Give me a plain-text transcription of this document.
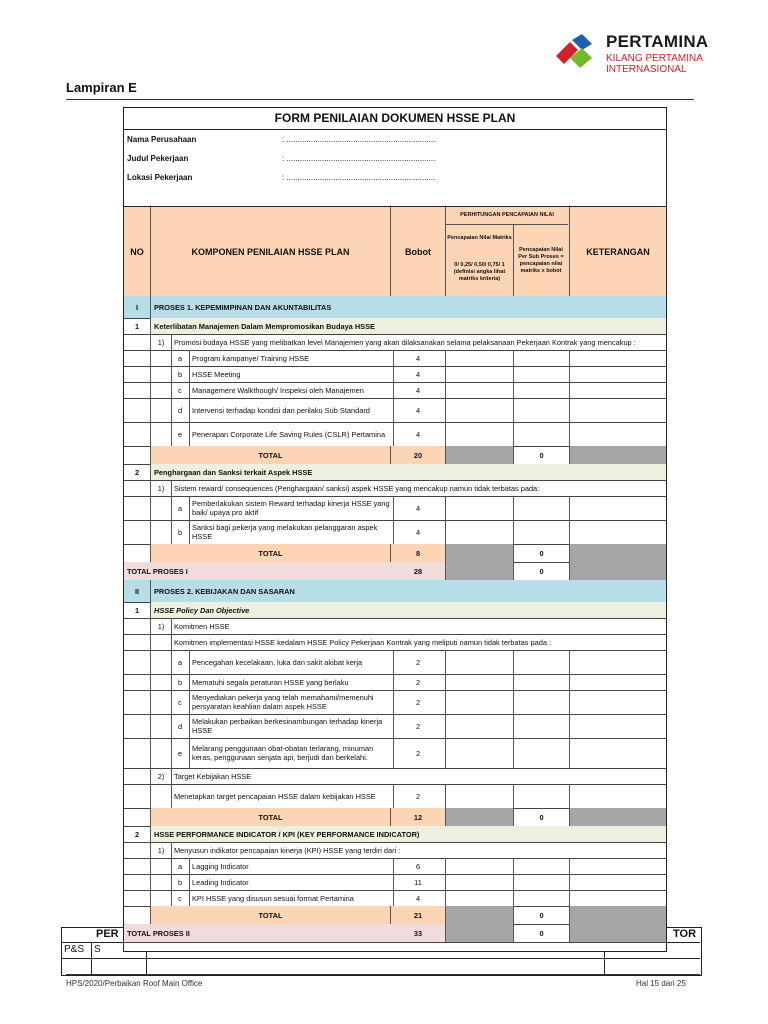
PERTAMINA
KILANG PERTAMINA
INTERNASIONAL
Lampiran E
PER	TOR
P&S S
FORM PENILAIAN DOKUMEN HSSE PLAN
Nama Perusahaan	: ...................................................................
Judul Pekerjaan	: ...................................................................
Lokasi Pekerjaan	: ...................................................................
NO	KOMPONEN PENILAIAN HSSE PLAN	Bobot
PERHITUNGAN PENCAPAIAN NILAI
Pencapaian Nilai Matriks
0/ 0,25/ 0,50/ 0,75/ 1 (definisi angka lihat matriks kriteria)
Pencapaian Nilai Per Sub Proses = pencapaian nilai matriks x bobot
KETERANGAN
I	PROSES 1. KEPEMIMPINAN DAN AKUNTABILITAS
1	Keterlibatan Manajemen Dalam Mempromosikan Budaya HSSE
1)	Promosi budaya HSSE yang melibatkan level Manajemen yang akan dilaksanakan selama pelaksanaan Pekerjaan Kontrak yang mencakup :
a	Program kampanye/ Training HSSE	4
b	HSSE Meeting	4
c	Management Walkthough/ Inspeksi oleh Manajemen	4
d	Intervensi terhadap kondisi dan perilaku Sub Standard	4
e	Penerapan Corporate Life Saving Rules (CSLR) Pertamina	4
TOTAL	20	0
2	Penghargaan dan Sanksi terkait Aspek HSSE
1)	Sistem reward/ consequences (Penghargaan/ sanksi) aspek HSSE yang mencakup namun tidak terbatas pada:
a	Pemberlakukan sistem Reward terhadap kinerja HSSE yang baik/ upaya pro aktif	4
b	Sanksi bagi pekerja yang melakukan pelanggaran aspek HSSE	4
TOTAL	8	0
TOTAL PROSES I	28	0
II	PROSES 2. KEBIJAKAN DAN SASARAN
1	HSSE Policy Dan Objective
1)	Komitmen HSSE
Komitmen implementasi HSSE kedalam HSSE Policy Pekerjaan Kontrak yang meliputi namun tidak terbatas pada :
a	Pencegahan kecelakaan, luka dan sakit akibat kerja	2
b	Mematuhi segala peraturan HSSE yang berlaku	2
c	Menyediakan pekerja yang telah memahami/memenuhi persyaratan keahlian dalam aspek HSSE	2
d	Melakukan perbaikan berkesinambungan terhadap kinerja HSSE	2
e	Melarang penggunaan obat-obatan terlarang, minuman keras, penggunaan senjata api, berjudi dan berkelahi.	2
2)	Target Kebijakan HSSE
Menetapkan target pencapaian HSSE dalam kebijakan HSSE	2
TOTAL	12	0
2	HSSE PERFORMANCE INDICATOR / KPI (KEY PERFORMANCE INDICATOR)
1)	Menyusun indikator pencapaian kinerja (KPI) HSSE yang terdiri dari :
a	Lagging Indicator	6
b	Leading Indicator	11
c	KPI HSSE yang disusun sesuai format Pertamina	4
TOTAL	21	0
TOTAL PROSES II	33	0
HPS/2020/Perbaikan Roof Main Office	Hal 15 dari 25
